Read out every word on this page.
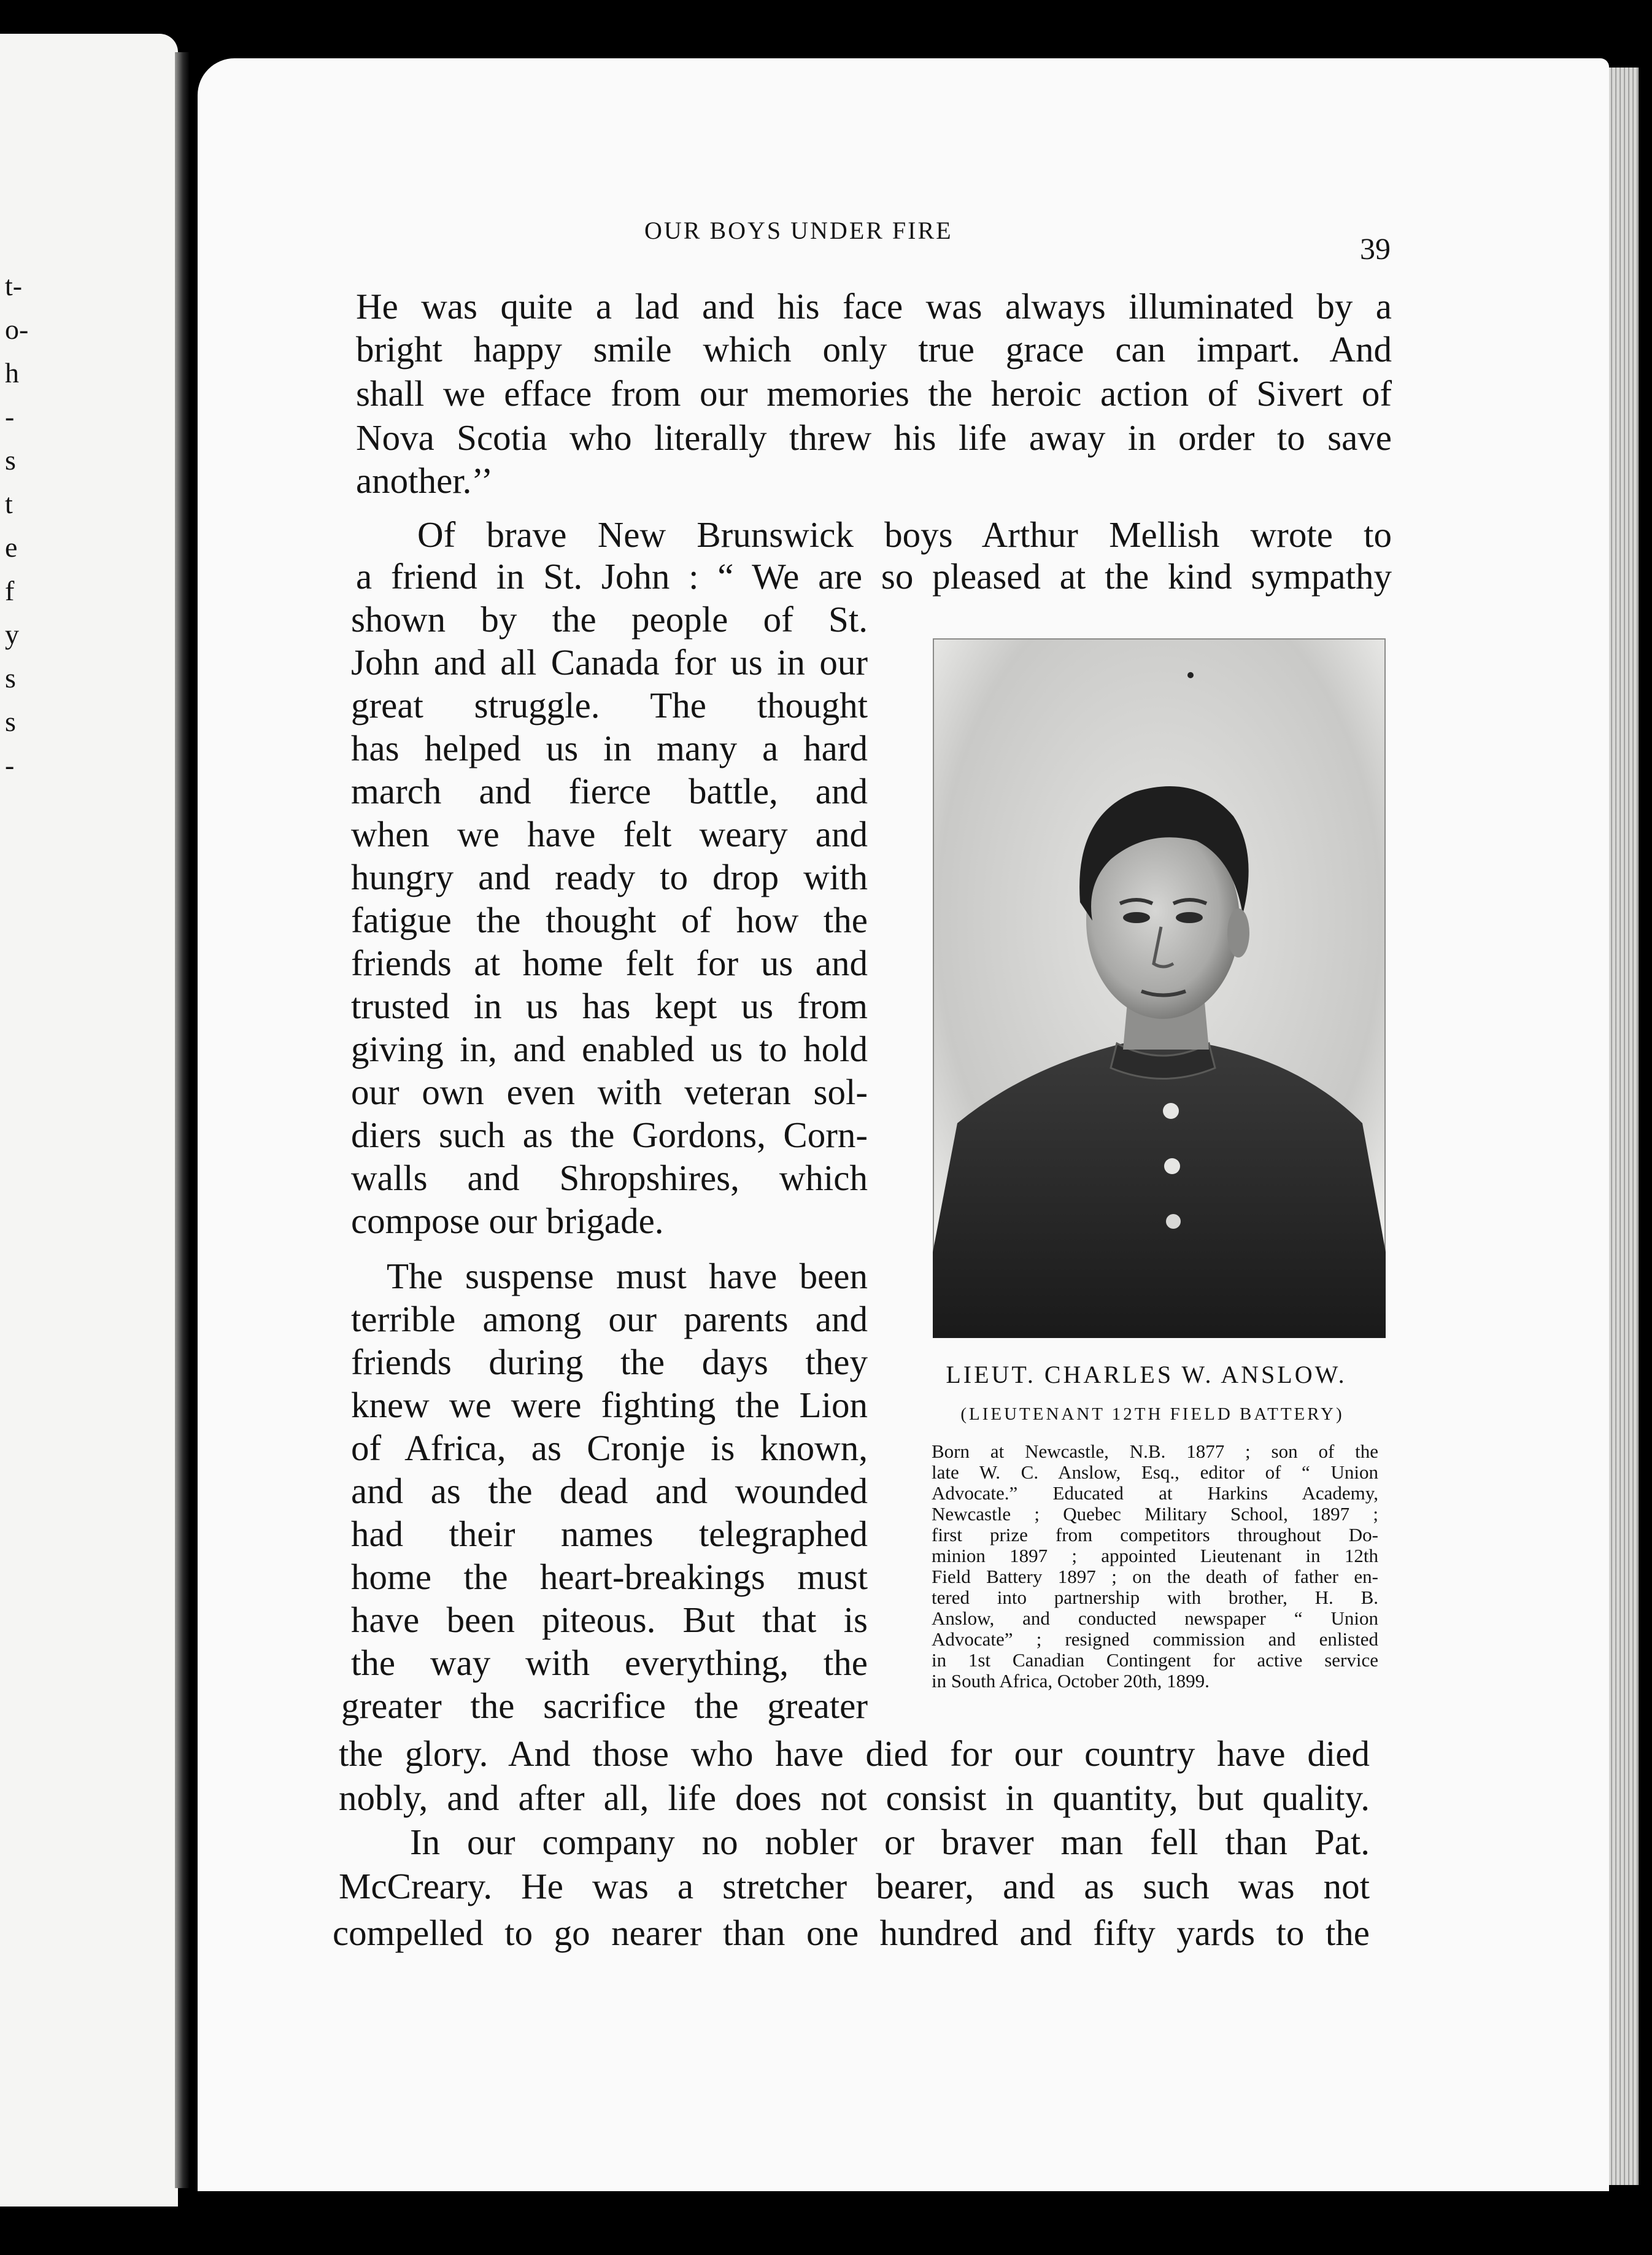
t-
o-
h
-
s
t
e
f
y
s
s
-
OUR BOYS UNDER FIRE
39
He was quite a lad and his face was always illuminated by a
bright happy smile which only true grace can impart. And
shall we efface from our memories the heroic action of Sivert of
Nova Scotia who literally threw his life away in order to save
another.’’
Of brave New Brunswick boys Arthur Mellish wrote to
a friend in St. John : “ We are so pleased at the kind sympathy
shown by the people of St.
John and all Canada for us in our
great struggle. The thought
has helped us in many a hard
march and fierce battle, and
when we have felt weary and
hungry and ready to drop with
fatigue the thought of how the
friends at home felt for us and
trusted in us has kept us from
giving in, and enabled us to hold
our own even with veteran sol-
diers such as the Gordons, Corn-
walls and Shropshires, which
compose our brigade.
The suspense must have been
terrible among our parents and
friends during the days they
knew we were fighting the Lion
of Africa, as Cronje is known,
and as the dead and wounded
had their names telegraphed
home the heart-breakings must
have been piteous. But that is
the way with everything, the
greater the sacrifice the greater
the glory. And those who have died for our country have died
nobly, and after all, life does not consist in quantity, but quality.
In our company no nobler or braver man fell than Pat.
McCreary. He was a stretcher bearer, and as such was not
compelled to go nearer than one hundred and fifty yards to the
LIEUT. CHARLES W. ANSLOW.
(LIEUTENANT 12TH FIELD BATTERY)
Born at Newcastle, N.B. 1877 ; son of the
late W. C. Anslow, Esq., editor of “ Union
Advocate.” Educated at Harkins Academy,
Newcastle ; Quebec Military School, 1897 ;
first prize from competitors throughout Do-
minion 1897 ; appointed Lieutenant in 12th
Field Battery 1897 ; on the death of father en-
tered into partnership with brother, H. B.
Anslow, and conducted newspaper “ Union
Advocate” ; resigned commission and enlisted
in 1st Canadian Contingent for active service
in South Africa, October 20th, 1899.
